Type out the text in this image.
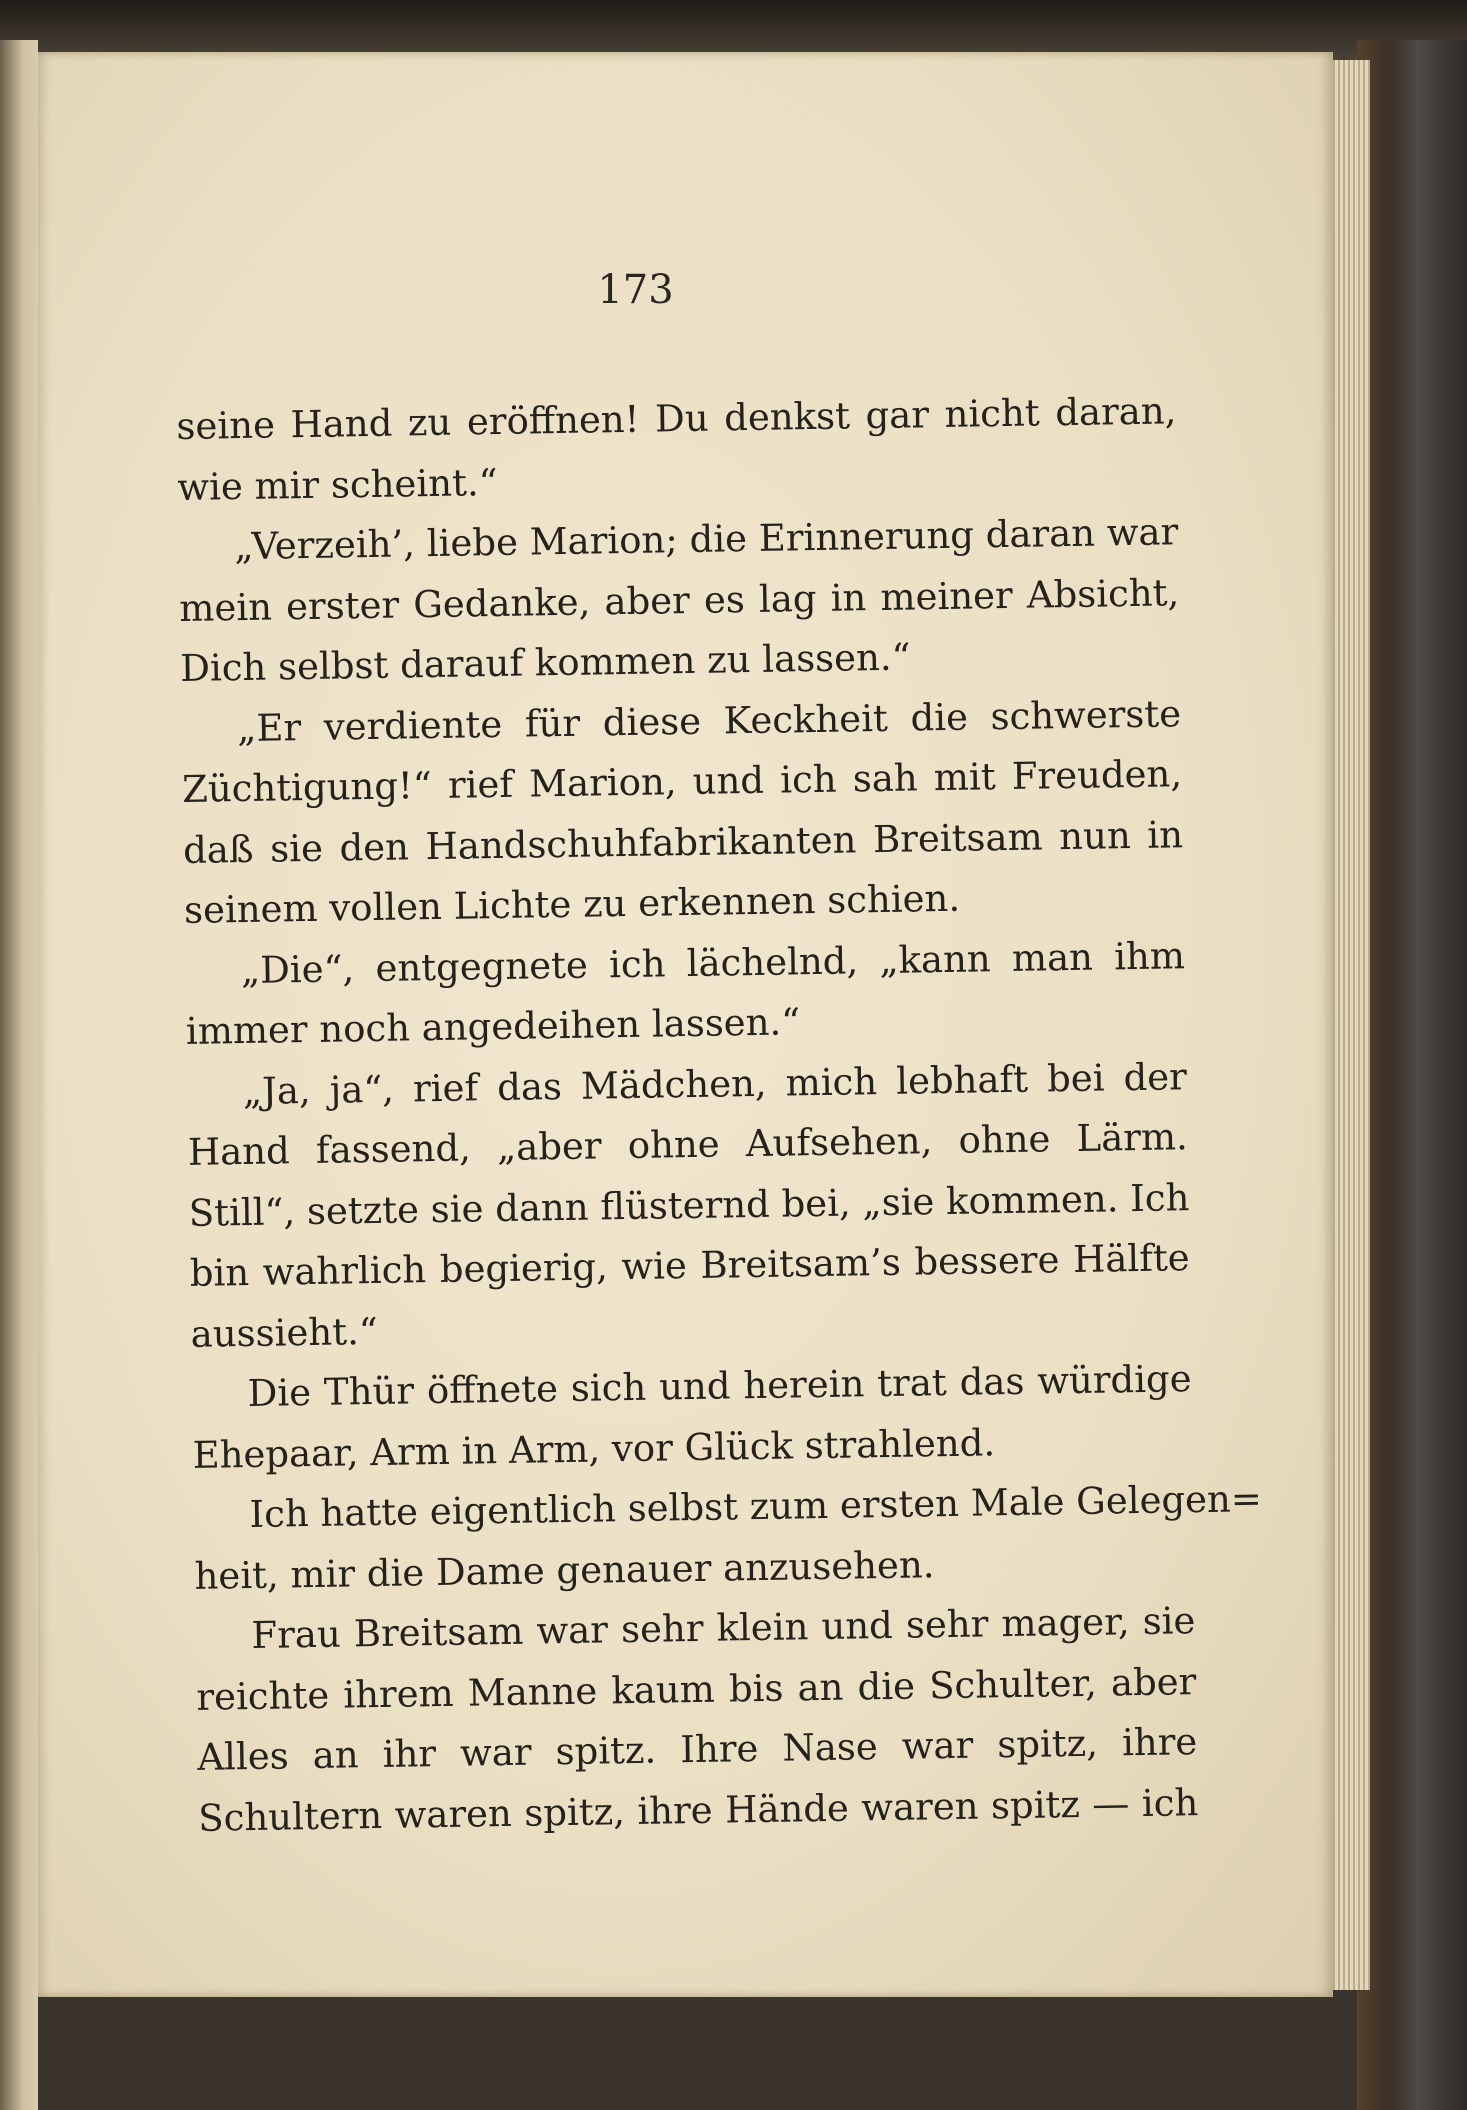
173
seine Hand zu eröffnen! Du denkst gar nicht daran,
wie mir scheint.“
„Verzeih’, liebe Marion; die Erinnerung daran war
mein erster Gedanke, aber es lag in meiner Absicht,
Dich selbst darauf kommen zu lassen.“
„Er verdiente für diese Keckheit die schwerste
Züchtigung!“ rief Marion, und ich sah mit Freuden,
daß sie den Handschuhfabrikanten Breitsam nun in
seinem vollen Lichte zu erkennen schien.
„Die“, entgegnete ich lächelnd, „kann man ihm
immer noch angedeihen lassen.“
„Ja, ja“, rief das Mädchen, mich lebhaft bei der
Hand fassend, „aber ohne Aufsehen, ohne Lärm.
Still“, setzte sie dann flüsternd bei, „sie kommen. Ich
bin wahrlich begierig, wie Breitsam’s bessere Hälfte
aussieht.“
Die Thür öffnete sich und herein trat das würdige
Ehepaar, Arm in Arm, vor Glück strahlend.
Ich hatte eigentlich selbst zum ersten Male Gelegen=
heit, mir die Dame genauer anzusehen.
Frau Breitsam war sehr klein und sehr mager, sie
reichte ihrem Manne kaum bis an die Schulter, aber
Alles an ihr war spitz. Ihre Nase war spitz, ihre
Schultern waren spitz, ihre Hände waren spitz — ich
